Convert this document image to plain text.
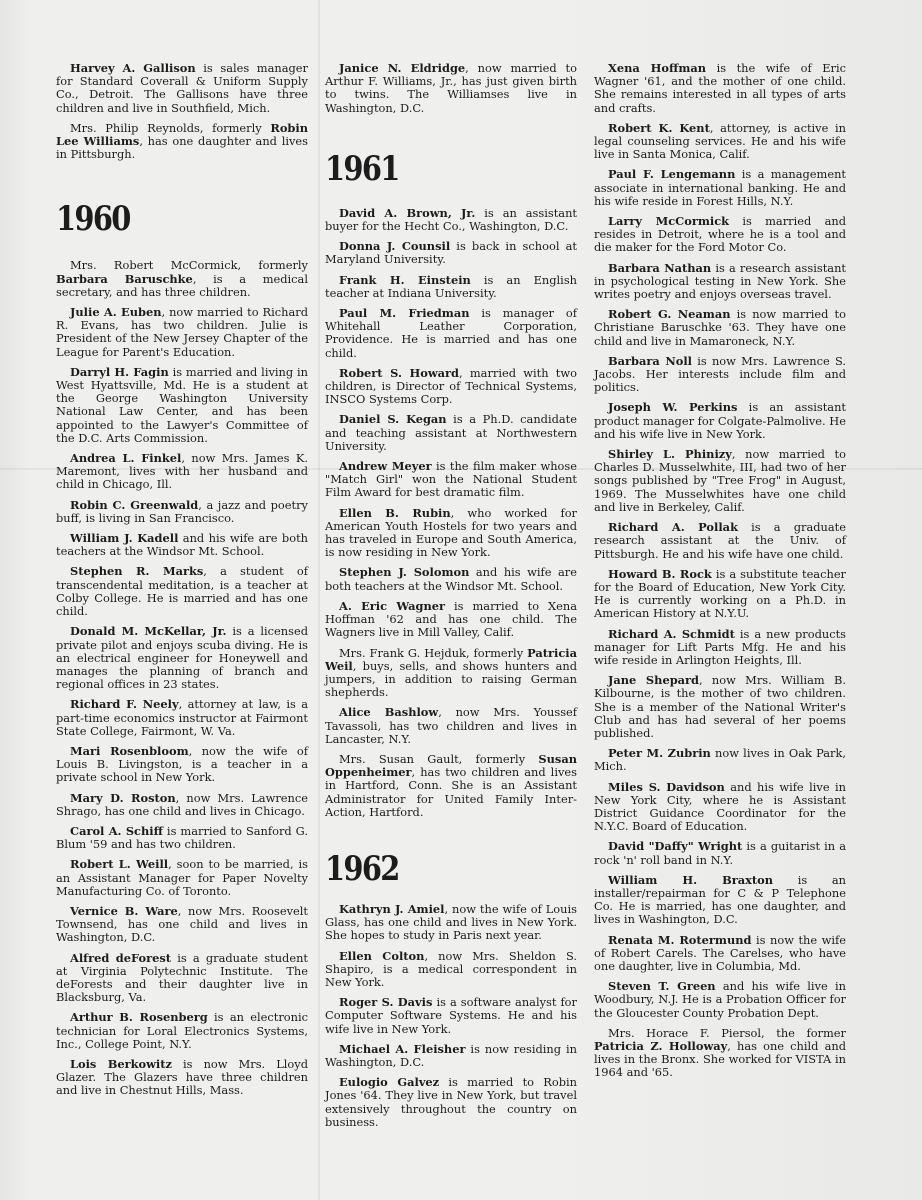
Harvey A. Gallison is sales manager for Standard Coverall & Uniform Supply Co., Detroit. The Gallisons have three children and live in Southfield, Mich.

Mrs. Philip Reynolds, formerly Robin Lee Williams, has one daughter and lives in Pittsburgh.

1960

Mrs. Robert McCormick, formerly Barbara Baruschke, is a medical secretary, and has three children.

Julie A. Euben, now married to Richard R. Evans, has two children. Julie is President of the New Jersey Chapter of the League for Parent's Education.

Darryl H. Fagin is married and living in West Hyattsville, Md. He is a student at the George Washington University National Law Center, and has been appointed to the Lawyer's Committee of the D.C. Arts Commission.

Andrea L. Finkel, now Mrs. James K. Maremont, lives with her husband and child in Chicago, Ill.

Robin C. Greenwald, a jazz and poetry buff, is living in San Francisco.

William J. Kadell and his wife are both teachers at the Windsor Mt. School.

Stephen R. Marks, a student of transcendental meditation, is a teacher at Colby College. He is married and has one child.

Donald M. McKellar, Jr. is a licensed private pilot and enjoys scuba diving. He is an electrical engineer for Honeywell and manages the planning of branch and regional offices in 23 states.

Richard F. Neely, attorney at law, is a part-time economics instructor at Fairmont State College, Fairmont, W. Va.

Mari Rosenbloom, now the wife of Louis B. Livingston, is a teacher in a private school in New York.

Mary D. Roston, now Mrs. Lawrence Shrago, has one child and lives in Chicago.

Carol A. Schiff is married to Sanford G. Blum '59 and has two children.

Robert L. Weill, soon to be married, is an Assistant Manager for Paper Novelty Manufacturing Co. of Toronto.

Vernice B. Ware, now Mrs. Roosevelt Townsend, has one child and lives in Washington, D.C.

Alfred deForest is a graduate student at Virginia Polytechnic Institute. The deForests and their daughter live in Blacksburg, Va.

Arthur B. Rosenberg is an electronic technician for Loral Electronics Systems, Inc., College Point, N.Y.

Lois Berkowitz is now Mrs. Lloyd Glazer. The Glazers have three children and live in Chestnut Hills, Mass.

Janice N. Eldridge, now married to Arthur F. Williams, Jr., has just given birth to twins. The Williamses live in Washington, D.C.

1961

David A. Brown, Jr. is an assistant buyer for the Hecht Co., Washington, D.C.

Donna J. Counsil is back in school at Maryland University.

Frank H. Einstein is an English teacher at Indiana University.

Paul M. Friedman is manager of Whitehall Leather Corporation, Providence. He is married and has one child.

Robert S. Howard, married with two children, is Director of Technical Systems, INSCO Systems Corp.

Daniel S. Kegan is a Ph.D. candidate and teaching assistant at Northwestern University.

Andrew Meyer is the film maker whose "Match Girl" won the National Student Film Award for best dramatic film.

Ellen B. Rubin, who worked for American Youth Hostels for two years and has traveled in Europe and South America, is now residing in New York.

Stephen J. Solomon and his wife are both teachers at the Windsor Mt. School.

A. Eric Wagner is married to Xena Hoffman '62 and has one child. The Wagners live in Mill Valley, Calif.

Mrs. Frank G. Hejduk, formerly Patricia Weil, buys, sells, and shows hunters and jumpers, in addition to raising German shepherds.

Alice Bashlow, now Mrs. Youssef Tavassoli, has two children and lives in Lancaster, N.Y.

Mrs. Susan Gault, formerly Susan Oppenheimer, has two children and lives in Hartford, Conn. She is an Assistant Administrator for United Family Inter-Action, Hartford.

1962

Kathryn J. Amiel, now the wife of Louis Glass, has one child and lives in New York. She hopes to study in Paris next year.

Ellen Colton, now Mrs. Sheldon S. Shapiro, is a medical correspondent in New York.

Roger S. Davis is a software analyst for Computer Software Systems. He and his wife live in New York.

Michael A. Fleisher is now residing in Washington, D.C.

Eulogio Galvez is married to Robin Jones '64. They live in New York, but travel extensively throughout the country on business.

Xena Hoffman is the wife of Eric Wagner '61, and the mother of one child. She remains interested in all types of arts and crafts.

Robert K. Kent, attorney, is active in legal counseling services. He and his wife live in Santa Monica, Calif.

Paul F. Lengemann is a management associate in international banking. He and his wife reside in Forest Hills, N.Y.

Larry McCormick is married and resides in Detroit, where he is a tool and die maker for the Ford Motor Co.

Barbara Nathan is a research assistant in psychological testing in New York. She writes poetry and enjoys overseas travel.

Robert G. Neaman is now married to Christiane Baruschke '63. They have one child and live in Mamaroneck, N.Y.

Barbara Noll is now Mrs. Lawrence S. Jacobs. Her interests include film and politics.

Joseph W. Perkins is an assistant product manager for Colgate-Palmolive. He and his wife live in New York.

Shirley L. Phinizy, now married to Charles D. Musselwhite, III, had two of her songs published by "Tree Frog" in August, 1969. The Musselwhites have one child and live in Berkeley, Calif.

Richard A. Pollak is a graduate research assistant at the Univ. of Pittsburgh. He and his wife have one child.

Howard B. Rock is a substitute teacher for the Board of Education, New York City. He is currently working on a Ph.D. in American History at N.Y.U.

Richard A. Schmidt is a new products manager for Lift Parts Mfg. He and his wife reside in Arlington Heights, Ill.

Jane Shepard, now Mrs. William B. Kilbourne, is the mother of two children. She is a member of the National Writer's Club and has had several of her poems published.

Peter M. Zubrin now lives in Oak Park, Mich.

Miles S. Davidson and his wife live in New York City, where he is Assistant District Guidance Coordinator for the N.Y.C. Board of Education.

David "Daffy" Wright is a guitarist in a rock 'n' roll band in N.Y.

William H. Braxton is an installer/repairman for C & P Telephone Co. He is married, has one daughter, and lives in Washington, D.C.

Renata M. Rotermund is now the wife of Robert Carels. The Carelses, who have one daughter, live in Columbia, Md.

Steven T. Green and his wife live in Woodbury, N.J. He is a Probation Officer for the Gloucester County Probation Dept.

Mrs. Horace F. Piersol, the former Patricia Z. Holloway, has one child and lives in the Bronx. She worked for VISTA in 1964 and '65.
